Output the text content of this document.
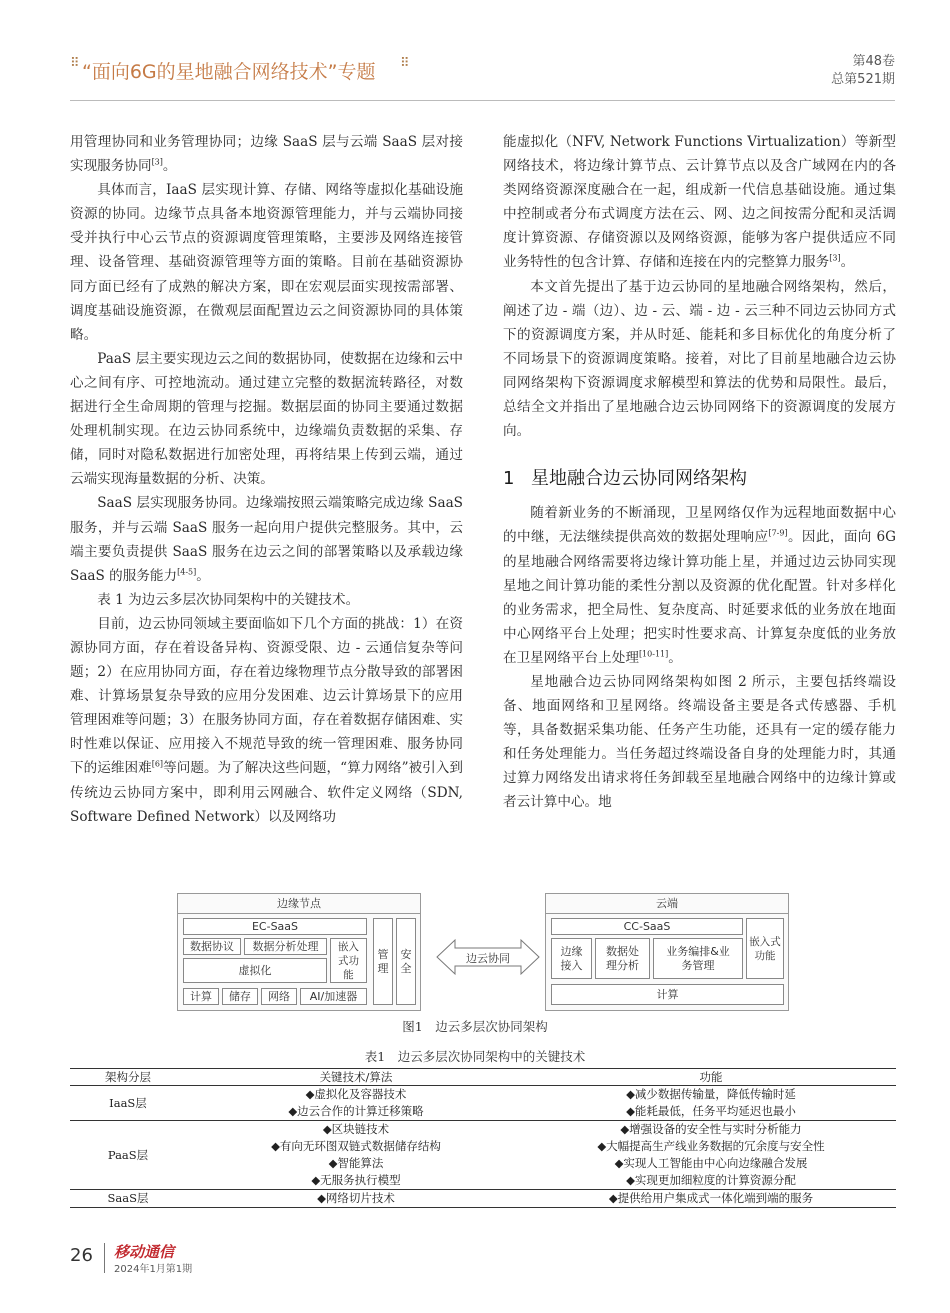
⠿ “面向6G的星地融合网络技术”专题 ⠿	第48卷
总第521期

用管理协同和业务管理协同；边缘 SaaS 层与云端 SaaS 层对接实现服务协同[3]。

具体而言，IaaS 层实现计算、存储、网络等虚拟化基础设施资源的协同。边缘节点具备本地资源管理能力，并与云端协同接受并执行中心云节点的资源调度管理策略，主要涉及网络连接管理、设备管理、基础资源管理等方面的策略。目前在基础资源协同方面已经有了成熟的解决方案，即在宏观层面实现按需部署、调度基础设施资源，在微观层面配置边云之间资源协同的具体策略。

PaaS 层主要实现边云之间的数据协同，使数据在边缘和云中心之间有序、可控地流动。通过建立完整的数据流转路径，对数据进行全生命周期的管理与挖掘。数据层面的协同主要通过数据处理机制实现。在边云协同系统中，边缘端负责数据的采集、存储，同时对隐私数据进行加密处理，再将结果上传到云端，通过云端实现海量数据的分析、决策。

SaaS 层实现服务协同。边缘端按照云端策略完成边缘 SaaS 服务，并与云端 SaaS 服务一起向用户提供完整服务。其中，云端主要负责提供 SaaS 服务在边云之间的部署策略以及承载边缘 SaaS 的服务能力[4-5]。

表 1 为边云多层次协同架构中的关键技术。

目前，边云协同领域主要面临如下几个方面的挑战：1）在资源协同方面，存在着设备异构、资源受限、边 - 云通信复杂等问题；2）在应用协同方面，存在着边缘物理节点分散导致的部署困难、计算场景复杂导致的应用分发困难、边云计算场景下的应用管理困难等问题；3）在服务协同方面，存在着数据存储困难、实时性难以保证、应用接入不规范导致的统一管理困难、服务协同下的运维困难[6]等问题。为了解决这些问题，“算力网络”被引入到传统边云协同方案中，即利用云网融合、软件定义网络（SDN, Software Defined Network）以及网络功

能虚拟化（NFV, Network Functions Virtualization）等新型网络技术，将边缘计算节点、云计算节点以及含广域网在内的各类网络资源深度融合在一起，组成新一代信息基础设施。通过集中控制或者分布式调度方法在云、网、边之间按需分配和灵活调度计算资源、存储资源以及网络资源，能够为客户提供适应不同业务特性的包含计算、存储和连接在内的完整算力服务[3]。

本文首先提出了基于边云协同的星地融合网络架构，然后，阐述了边 - 端（边）、边 - 云、端 - 边 - 云三种不同边云协同方式下的资源调度方案，并从时延、能耗和多目标优化的角度分析了不同场景下的资源调度策略。接着，对比了目前星地融合边云协同网络架构下资源调度求解模型和算法的优势和局限性。最后，总结全文并指出了星地融合边云协同网络下的资源调度的发展方向。

1 星地融合边云协同网络架构

随着新业务的不断涌现，卫星网络仅作为远程地面数据中心的中继，无法继续提供高效的数据处理响应[7-9]。因此，面向 6G 的星地融合网络需要将边缘计算功能上星，并通过边云协同实现星地之间计算功能的柔性分割以及资源的优化配置。针对多样化的业务需求，把全局性、复杂度高、时延要求低的业务放在地面中心网络平台上处理；把实时性要求高、计算复杂度低的业务放在卫星网络平台上处理[10-11]。

星地融合边云协同网络架构如图 2 所示，主要包括终端设备、地面网络和卫星网络。终端设备主要是各式传感器、手机等，具备数据采集功能、任务产生功能，还具有一定的缓存能力和任务处理能力。当任务超过终端设备自身的处理能力时，其通过算力网络发出请求将任务卸载至星地融合网络中的边缘计算或者云计算中心。地

边缘节点
EC-SaaS
数据协议	数据分析处理	嵌入式功能
虚拟化
计算	储存	网络	AI/加速器
管理
安全
边云协同
云端
CC-SaaS
边缘接入
数据处理分析
业务编排&业务管理
嵌入式功能
计算
图1　边云多层次协同架构
表1　边云多层次协同架构中的关键技术
架构分层	关键技术/算法	功能
IaaS层	◆虚拟化及容器技术	◆减少数据传输量，降低传输时延
	◆边云合作的计算迁移策略	◆能耗最低，任务平均延迟也最小
PaaS层	◆区块链技术	◆增强设备的安全性与实时分析能力
	◆有向无环图双链式数据储存结构	◆大幅提高生产线业务数据的冗余度与安全性
	◆智能算法	◆实现人工智能由中心向边缘融合发展
	◆无服务执行模型	◆实现更加细粒度的计算资源分配
SaaS层	◆网络切片技术	◆提供给用户集成式一体化端到端的服务
26 移动通信
2024年1月第1期
